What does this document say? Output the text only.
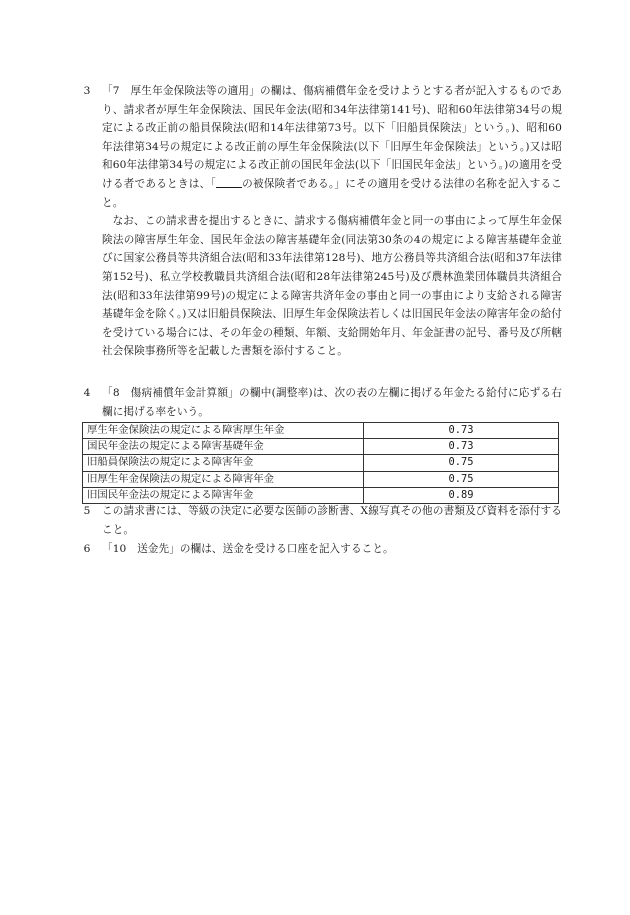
3	「7　厚生年金保険法等の適用」の欄は、傷病補償年金を受けようとする者が記入するものであり、請求者が厚生年金保険法、国民年金法(昭和34年法律第141号)、昭和60年法律第34号の規定による改正前の船員保険法(昭和14年法律第73号。以下「旧船員保険法」という。)、昭和60年法律第34号の規定による改正前の厚生年金保険法(以下「旧厚生年金保険法」という。)又は昭和60年法律第34号の規定による改正前の国民年金法(以下「旧国民年金法」という。)の適用を受ける者であるときは、「 の被保険者である。」にその適用を受ける法律の名称を記入すること。

なお、この請求書を提出するときに、請求する傷病補償年金と同一の事由によって厚生年金保険法の障害厚生年金、国民年金法の障害基礎年金(同法第30条の4の規定による障害基礎年金並びに国家公務員等共済組合法(昭和33年法律第128号)、地方公務員等共済組合法(昭和37年法律第152号)、私立学校教職員共済組合法(昭和28年法律第245号)及び農林漁業団体職員共済組合法(昭和33年法律第99号)の規定による障害共済年金の事由と同一の事由により支給される障害基礎年金を除く。)又は旧船員保険法、旧厚生年金保険法若しくは旧国民年金法の障害年金の給付を受けている場合には、その年金の種類、年額、支給開始年月、年金証書の記号、番号及び所轄社会保険事務所等を記載した書類を添付すること。

4	「8　傷病補償年金計算額」の欄中(調整率)は、次の表の左欄に掲げる年金たる給付に応ずる右欄に掲げる率をいう。

厚生年金保険法の規定による障害厚生年金	0.73
国民年金法の規定による障害基礎年金	0.73
旧船員保険法の規定による障害年金	0.75
旧厚生年金保険法の規定による障害年金	0.75
旧国民年金法の規定による障害年金	0.89
5	この請求書には、等級の決定に必要な医師の診断書、X線写真その他の書類及び資料を添付すること。

6	「10　送金先」の欄は、送金を受ける口座を記入すること。
